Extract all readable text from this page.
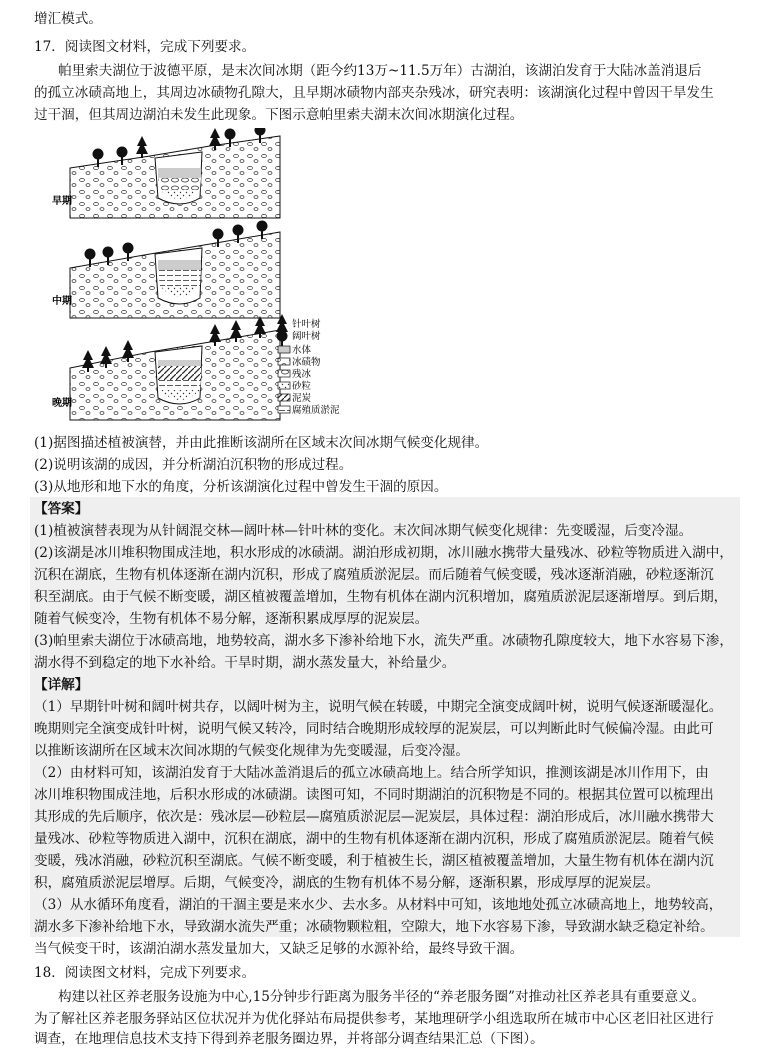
增汇模式。
17．阅读图文材料，完成下列要求。
帕里索夫湖位于波德平原，是末次间冰期（距今约13万~11.5万年）古湖泊，该湖泊发育于大陆冰盖消退后
的孤立冰碛高地上，其周边冰碛物孔隙大，且早期冰碛物内部夹杂残冰，研究表明：该湖演化过程中曾因干旱发生
过干涸，但其周边湖泊未发生此现象。下图示意帕里索夫湖末次间冰期演化过程。
早期
中期
晚期
针叶树
阔叶树
水体
冰碛物
残冰
砂粒
泥炭
腐殖质淤泥
(1)据图描述植被演替，并由此推断该湖所在区域末次间冰期气候变化规律。
(2)说明该湖的成因，并分析湖泊沉积物的形成过程。
(3)从地形和地下水的角度，分析该湖演化过程中曾发生干涸的原因。
【答案】
(1)植被演替表现为从针阔混交林—阔叶林—针叶林的变化。末次间冰期气候变化规律：先变暖湿，后变冷湿。
(2)该湖是冰川堆积物围成洼地，积水形成的冰碛湖。湖泊形成初期，冰川融水携带大量残冰、砂粒等物质进入湖中，
沉积在湖底，生物有机体逐渐在湖内沉积，形成了腐殖质淤泥层。而后随着气候变暖，残冰逐渐消融，砂粒逐渐沉
积至湖底。由于气候不断变暖，湖区植被覆盖增加，生物有机体在湖内沉积增加，腐殖质淤泥层逐渐增厚。到后期，
随着气候变冷，生物有机体不易分解，逐渐积累成厚厚的泥炭层。
(3)帕里索夫湖位于冰碛高地，地势较高，湖水多下渗补给地下水，流失严重。冰碛物孔隙度较大，地下水容易下渗，
湖水得不到稳定的地下水补给。干旱时期，湖水蒸发量大，补给量少。
【详解】
（1）早期针叶树和阔叶树共存，以阔叶树为主，说明气候在转暖，中期完全演变成阔叶树，说明气候逐渐暖湿化。
晚期则完全演变成针叶树，说明气候又转冷，同时结合晚期形成较厚的泥炭层，可以判断此时气候偏冷湿。由此可
以推断该湖所在区域末次间冰期的气候变化规律为先变暖湿，后变冷湿。
（2）由材料可知，该湖泊发育于大陆冰盖消退后的孤立冰碛高地上。结合所学知识，推测该湖是冰川作用下，由
冰川堆积物围成洼地，后积水形成的冰碛湖。读图可知，不同时期湖泊的沉积物是不同的。根据其位置可以梳理出
其形成的先后顺序，依次是：残冰层—砂粒层—腐殖质淤泥层—泥炭层，具体过程：湖泊形成后，冰川融水携带大
量残冰、砂粒等物质进入湖中，沉积在湖底，湖中的生物有机体逐渐在湖内沉积，形成了腐殖质淤泥层。随着气候
变暖，残冰消融，砂粒沉积至湖底。气候不断变暖，利于植被生长，湖区植被覆盖增加，大量生物有机体在湖内沉
积，腐殖质淤泥层增厚。后期，气候变冷，湖底的生物有机体不易分解，逐渐积累，形成厚厚的泥炭层。
（3）从水循环角度看，湖泊的干涸主要是来水少、去水多。从材料中可知，该地地处孤立冰碛高地上，地势较高，
湖水多下渗补给地下水，导致湖水流失严重；冰碛物颗粒粗，空隙大，地下水容易下渗，导致湖水缺乏稳定补给。
当气候变干时，该湖泊湖水蒸发量加大，又缺乏足够的水源补给，最终导致干涸。
18．阅读图文材料，完成下列要求。
构建以社区养老服务设施为中心,15分钟步行距离为服务半径的“养老服务圈”对推动社区养老具有重要意义。
为了解社区养老服务驿站区位状况并为优化驿站布局提供参考，某地理研学小组选取所在城市中心区老旧社区进行
调查，在地理信息技术支持下得到养老服务圈边界，并将部分调查结果汇总（下图）。
